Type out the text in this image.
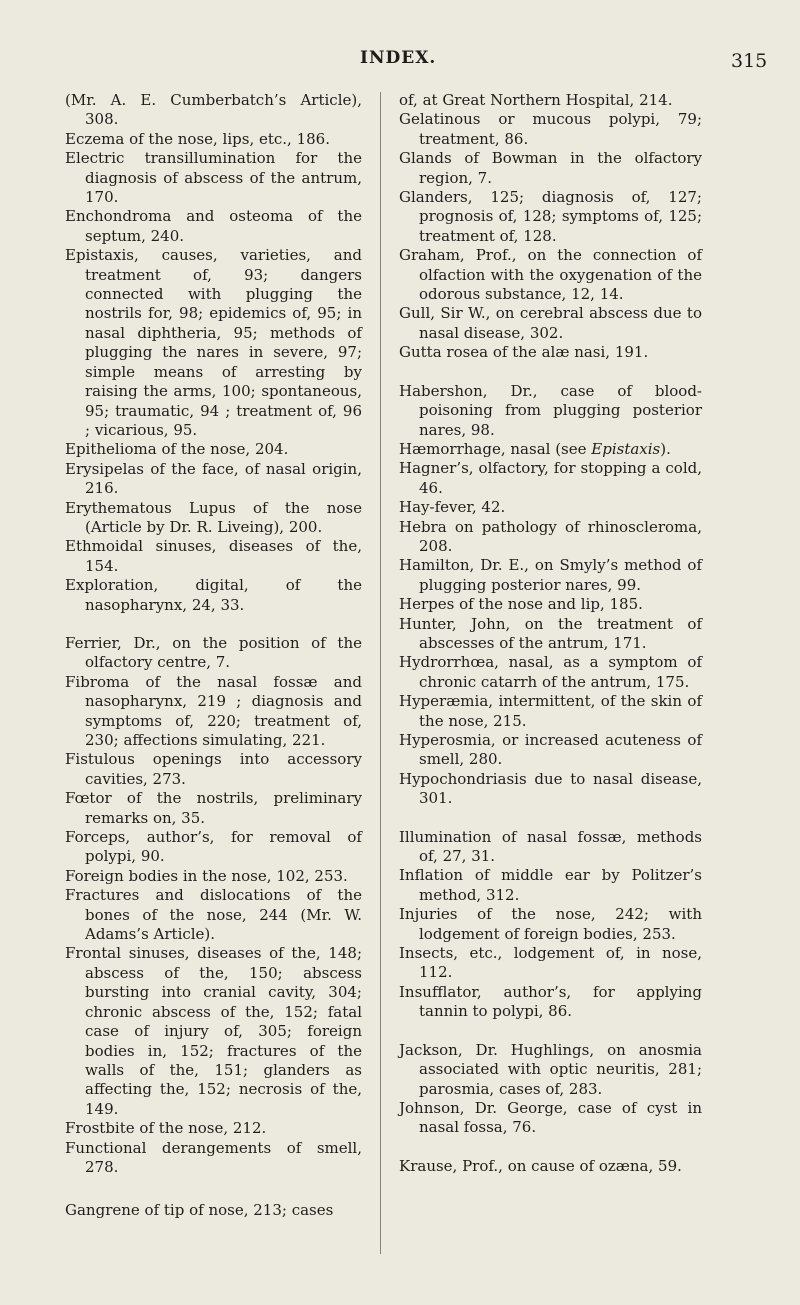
INDEX.	315

(Mr. A. E. Cumberbatch’s Article), 308.

Eczema of the nose, lips, etc., 186.

Electric transillumination for the diagnosis of abscess of the antrum, 170.

Enchondroma and osteoma of the septum, 240.

Epistaxis, causes, varieties, and treatment of, 93; dangers connected with plugging the nostrils for, 98; epidemics of, 95; in nasal diphtheria, 95; methods of plugging the nares in severe, 97; simple means of arresting by raising the arms, 100; spontaneous, 95; traumatic, 94 ; treatment of, 96 ; vicarious, 95.

Epithelioma of the nose, 204.

Erysipelas of the face, of nasal origin, 216.

Erythematous Lupus of the nose (Article by Dr. R. Liveing), 200.

Ethmoidal sinuses, diseases of the, 154.

Exploration, digital, of the nasopharynx, 24, 33.

Ferrier, Dr., on the position of the olfactory centre, 7.

Fibroma of the nasal fossæ and nasopharynx, 219 ; diagnosis and symptoms of, 220; treatment of, 230; affections simulating, 221.

Fistulous openings into accessory cavities, 273.

Fœtor of the nostrils, preliminary remarks on, 35.

Forceps, author’s, for removal of polypi, 90.

Foreign bodies in the nose, 102, 253.

Fractures and dislocations of the bones of the nose, 244 (Mr. W. Adams’s Article).

Frontal sinuses, diseases of the, 148; abscess of the, 150; abscess bursting into cranial cavity, 304; chronic abscess of the, 152; fatal case of injury of, 305; foreign bodies in, 152; fractures of the walls of the, 151; glanders as affecting the, 152; necrosis of the, 149.

Frostbite of the nose, 212.

Functional derangements of smell, 278.

Gangrene of tip of nose, 213; cases

of, at Great Northern Hospital, 214.

Gelatinous or mucous polypi, 79; treatment, 86.

Glands of Bowman in the olfactory region, 7.

Glanders, 125; diagnosis of, 127; prognosis of, 128; symptoms of, 125; treatment of, 128.

Graham, Prof., on the connection of olfaction with the oxygenation of the odorous substance, 12, 14.

Gull, Sir W., on cerebral abscess due to nasal disease, 302.

Gutta rosea of the alæ nasi, 191.

Habershon, Dr., case of blood-poisoning from plugging posterior nares, 98.

Hæmorrhage, nasal (see Epistaxis).

Hagner’s, olfactory, for stopping a cold, 46.

Hay-fever, 42.

Hebra on pathology of rhinoscleroma, 208.

Hamilton, Dr. E., on Smyly’s method of plugging posterior nares, 99.

Herpes of the nose and lip, 185.

Hunter, John, on the treatment of abscesses of the antrum, 171.

Hydrorrhœa, nasal, as a symptom of chronic catarrh of the antrum, 175.

Hyperæmia, intermittent, of the skin of the nose, 215.

Hyperosmia, or increased acuteness of smell, 280.

Hypochondriasis due to nasal disease, 301.

Illumination of nasal fossæ, methods of, 27, 31.

Inflation of middle ear by Politzer’s method, 312.

Injuries of the nose, 242; with lodgement of foreign bodies, 253.

Insects, etc., lodgement of, in nose, 112.

Insufflator, author’s, for applying tannin to polypi, 86.

Jackson, Dr. Hughlings, on anosmia associated with optic neuritis, 281; parosmia, cases of, 283.

Johnson, Dr. George, case of cyst in nasal fossa, 76.

Krause, Prof., on cause of ozæna, 59.
